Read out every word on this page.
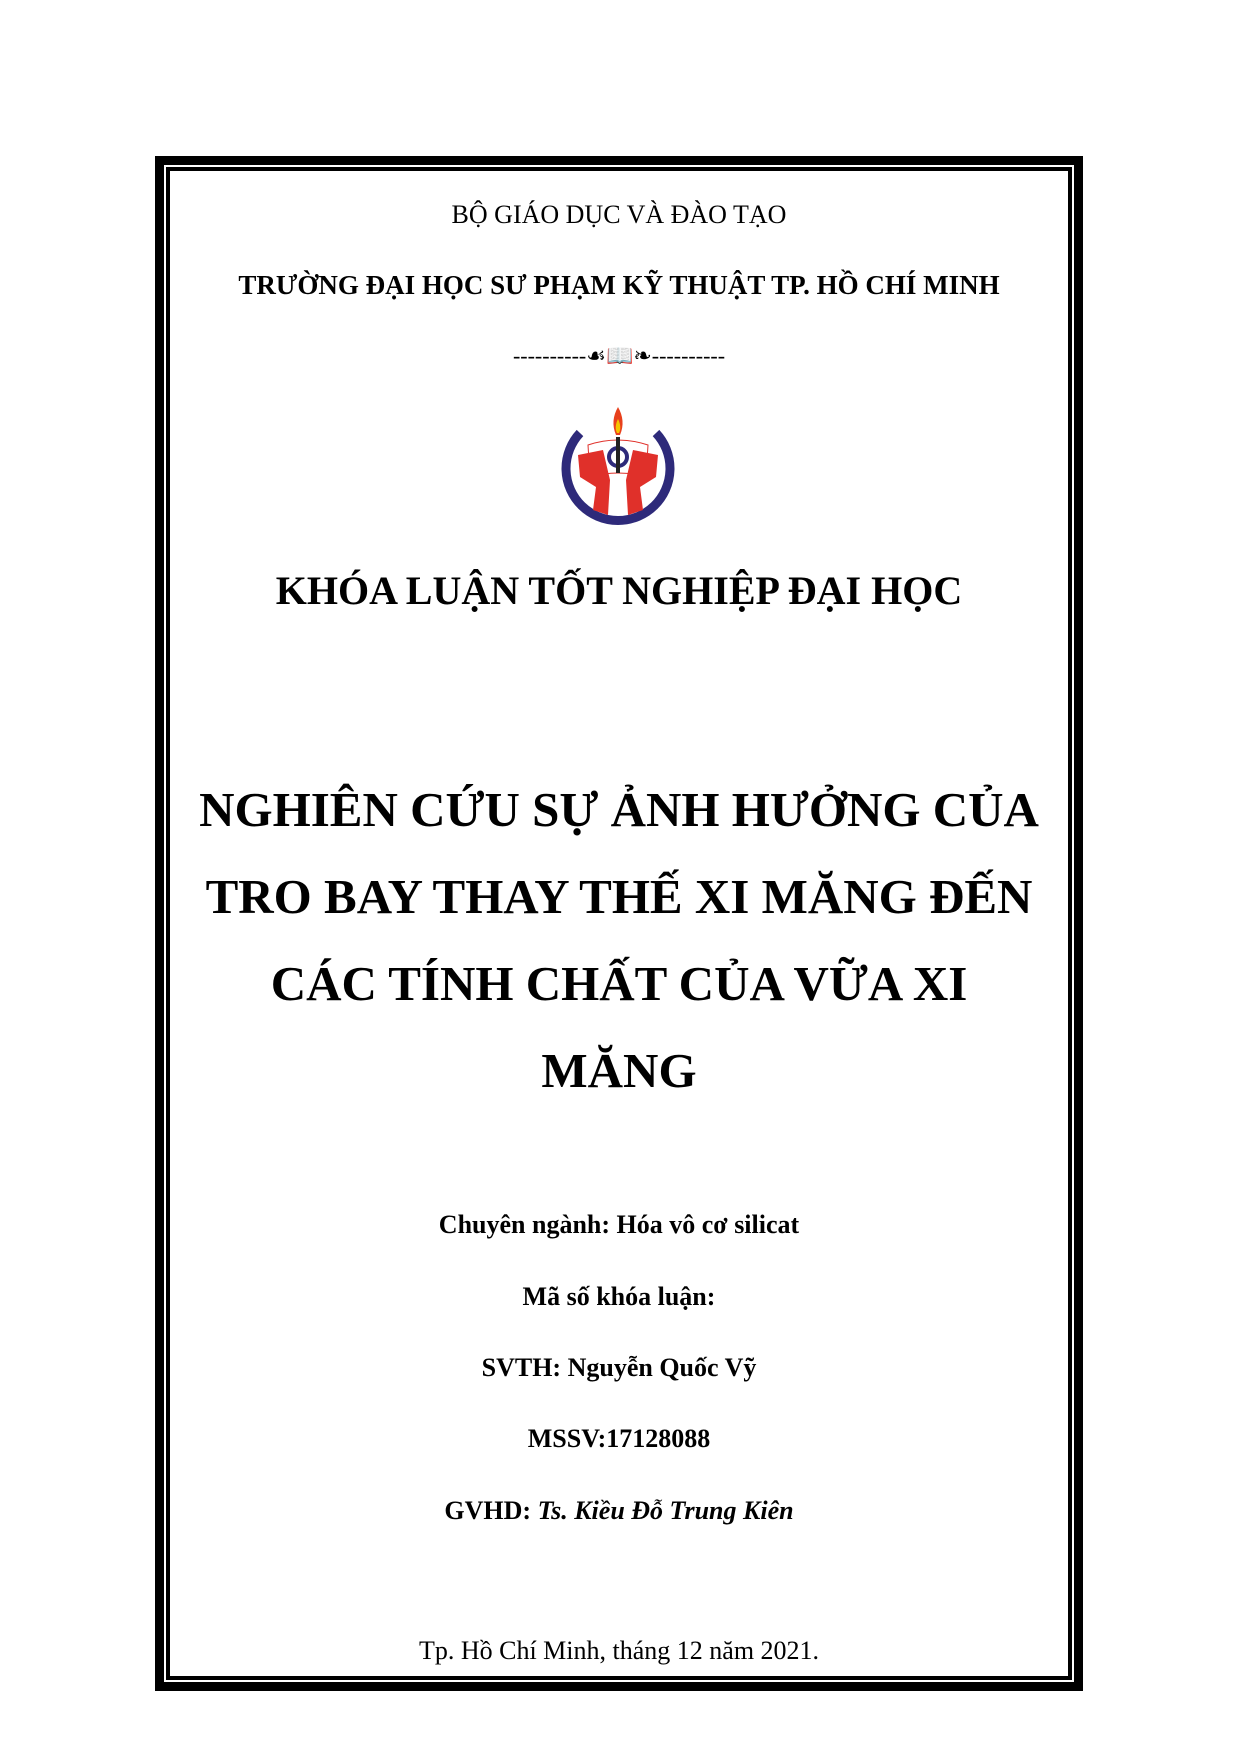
BỘ GIÁO DỤC VÀ ĐÀO TẠO
TRƯỜNG ĐẠI HỌC SƯ PHẠM KỸ THUẬT TP. HỒ CHÍ MINH
----------☙📖❧----------
KHÓA LUẬN TỐT NGHIỆP ĐẠI HỌC
NGHIÊN CỨU SỰ ẢNH HƯỞNG CỦA
TRO BAY THAY THẾ XI MĂNG ĐẾN
CÁC TÍNH CHẤT CỦA VỮA XI
MĂNG
Chuyên ngành: Hóa vô cơ silicat
Mã số khóa luận:
SVTH: Nguyễn Quốc Vỹ
MSSV:17128088
GVHD: Ts. Kiều Đỗ Trung Kiên
Tp. Hồ Chí Minh, tháng 12 năm 2021.
